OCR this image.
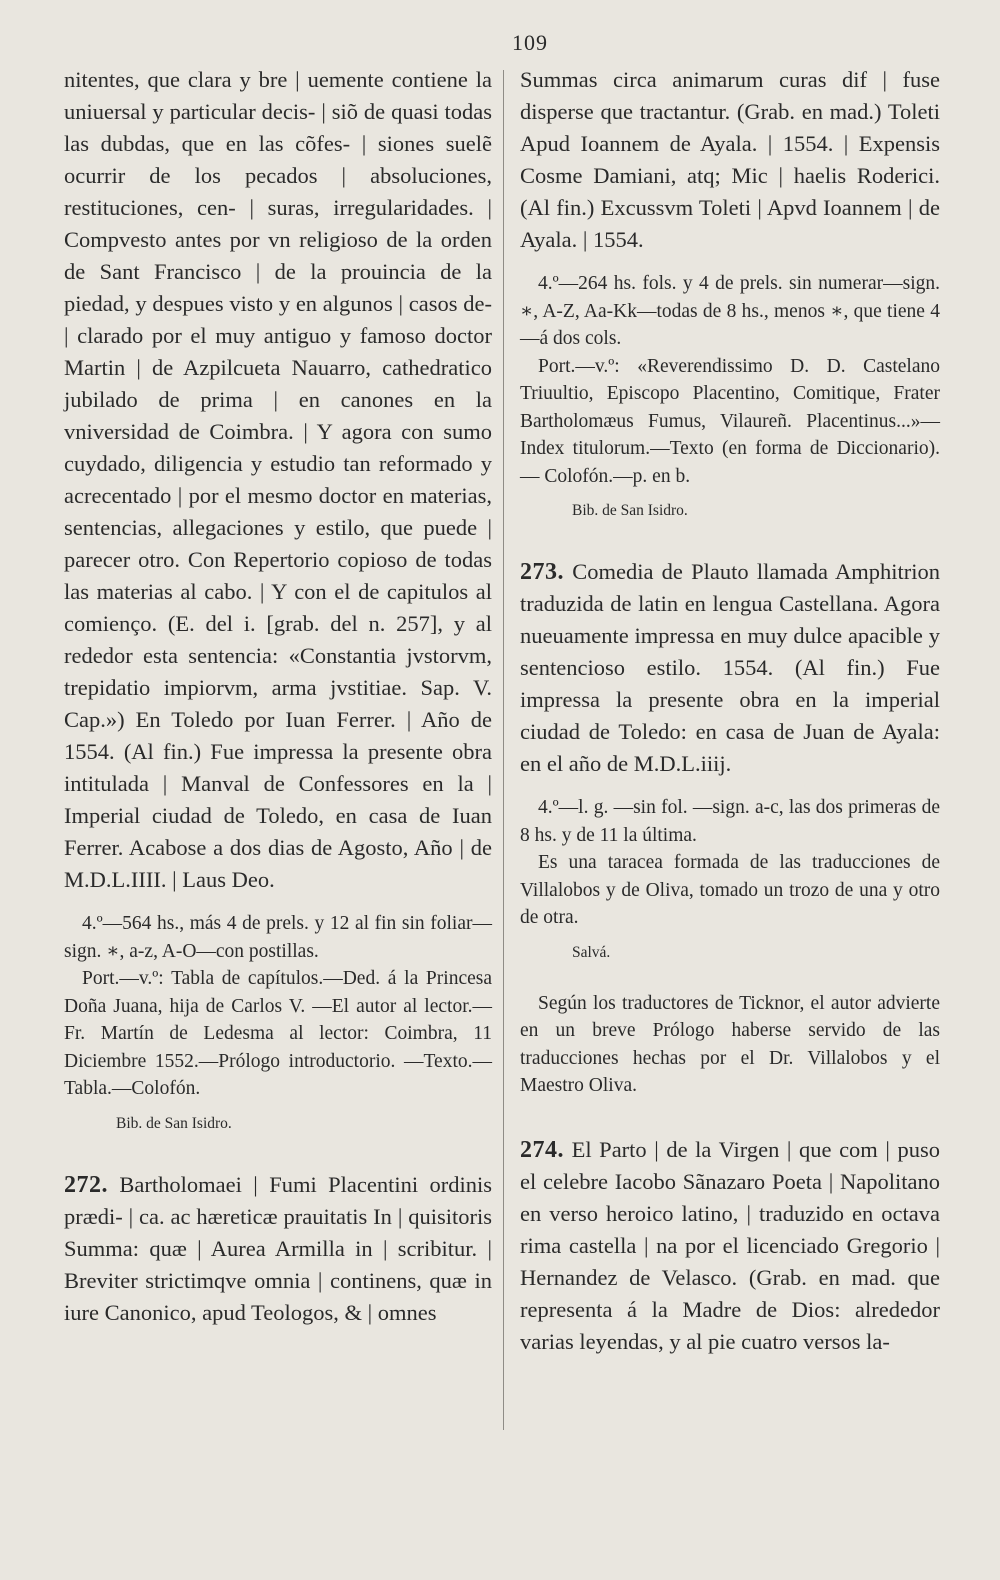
109

nitentes, que clara y bre | uemente contiene la uniuersal y particular decis- | siõ de quasi todas las dubdas, que en las cõfes- | siones suelẽ ocurrir de los pecados | absoluciones, restituciones, cen- | suras, irregularidades. | Compvesto antes por vn religioso de la orden de Sant Francisco | de la prouincia de la piedad, y despues visto y en algunos | casos de- | clarado por el muy antiguo y famoso doctor Martin | de Azpilcueta Nauarro, cathedratico jubilado de prima | en canones en la vniversidad de Coimbra. | Y agora con sumo cuydado, diligencia y estudio tan reformado y acrecentado | por el mesmo doctor en materias, sentencias, allegaciones y estilo, que puede | parecer otro. Con Repertorio copioso de todas las materias al cabo. | Y con el de capitulos al comienço. (E. del i. [grab. del n. 257], y al rededor esta sentencia: «Constantia jvstorvm, trepidatio impiorvm, arma jvstitiae. Sap. V. Cap.») En Toledo por Iuan Ferrer. | Año de 1554. (Al fin.) Fue impressa la presente obra intitulada | Manval de Confessores en la | Imperial ciudad de Toledo, en casa de Iuan Ferrer. Acabose a dos dias de Agosto, Año | de M.D.L.IIII. | Laus Deo.

4.º—564 hs., más 4 de prels. y 12 al fin sin foliar—sign. ∗, a-z, A-O—con postillas.

Port.—v.º: Tabla de capítulos.—Ded. á la Princesa Doña Juana, hija de Carlos V. —El autor al lector.—Fr. Martín de Ledesma al lector: Coimbra, 11 Diciembre 1552.—Prólogo introductorio. —Texto.— Tabla.—Colofón.

Bib. de San Isidro.

272. Bartholomaei | Fumi Placentini ordinis prædi- | ca. ac hæreticæ prauitatis In | quisitoris Summa: quæ | Aurea Armilla in | scribitur. | Breviter strictimqve omnia | continens, quæ in iure Canonico, apud Teologos, & | omnes

Summas circa animarum curas dif | fuse disperse que tractantur. (Grab. en mad.) Toleti Apud Ioannem de Ayala. | 1554. | Expensis Cosme Damiani, atq; Mic | haelis Roderici. (Al fin.) Excussvm Toleti | Apvd Ioannem | de Ayala. | 1554.

4.º—264 hs. fols. y 4 de prels. sin numerar—sign. ∗, A-Z, Aa-Kk—todas de 8 hs., menos ∗, que tiene 4—á dos cols.

Port.—v.º: «Reverendissimo D. D. Castelano Triuultio, Episcopo Placentino, Comitique, Frater Bartholomæus Fumus, Vilaureñ. Placentinus...»—Index titulorum.—Texto (en forma de Diccionario).— Colofón.—p. en b.

Bib. de San Isidro.

273. Comedia de Plauto llamada Amphitrion traduzida de latin en lengua Castellana. Agora nueuamente impressa en muy dulce apacible y sentencioso estilo. 1554. (Al fin.) Fue impressa la presente obra en la imperial ciudad de Toledo: en casa de Juan de Ayala: en el año de M.D.L.iiij.

4.º—l. g. —sin fol. —sign. a-c, las dos primeras de 8 hs. y de 11 la última.

Es una taracea formada de las traducciones de Villalobos y de Oliva, tomado un trozo de una y otro de otra.

Salvá.

Según los traductores de Ticknor, el autor advierte en un breve Prólogo haberse servido de las traducciones hechas por el Dr. Villalobos y el Maestro Oliva.

274. El Parto | de la Virgen | que com | puso el celebre Iacobo Sãnazaro Poeta | Napolitano en verso heroico latino, | traduzido en octava rima castella | na por el licenciado Gregorio | Hernandez de Velasco. (Grab. en mad. que representa á la Madre de Dios: alrededor varias leyendas, y al pie cuatro versos la-
